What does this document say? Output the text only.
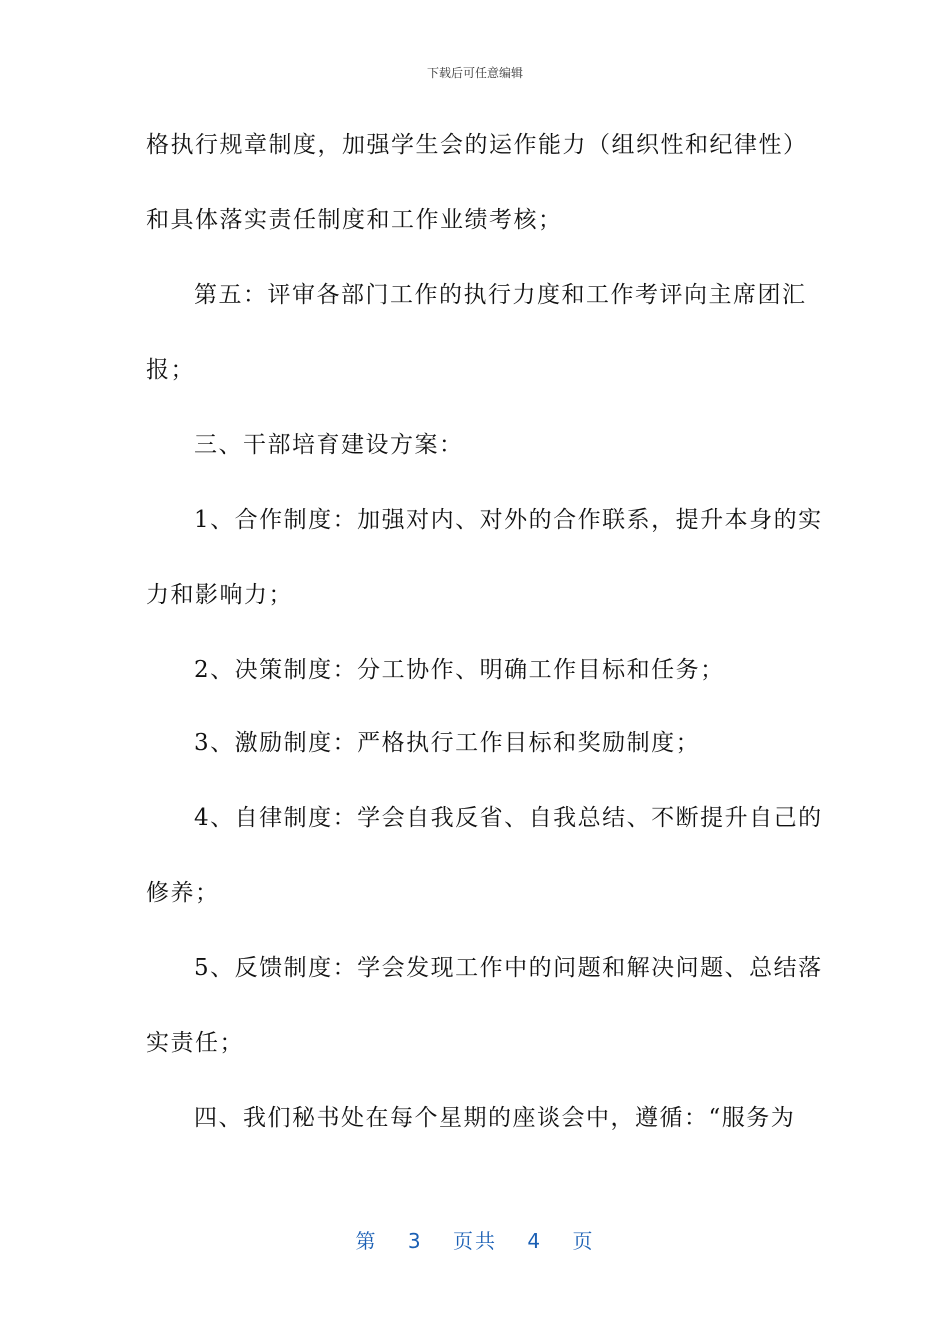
下载后可任意编辑
格执行规章制度，加强学生会的运作能力（组织性和纪律性）
和具体落实责任制度和工作业绩考核；
第五：评审各部门工作的执行力度和工作考评向主席团汇
报；
三、干部培育建设方案：
1、合作制度：加强对内、对外的合作联系，提升本身的实
力和影响力；
2、决策制度：分工协作、明确工作目标和任务；
3、激励制度：严格执行工作目标和奖励制度；
4、自律制度：学会自我反省、自我总结、不断提升自己的
修养；
5、反馈制度：学会发现工作中的问题和解决问题、总结落
实责任；
四、我们秘书处在每个星期的座谈会中，遵循：“服务为
第 3 页共 4 页
